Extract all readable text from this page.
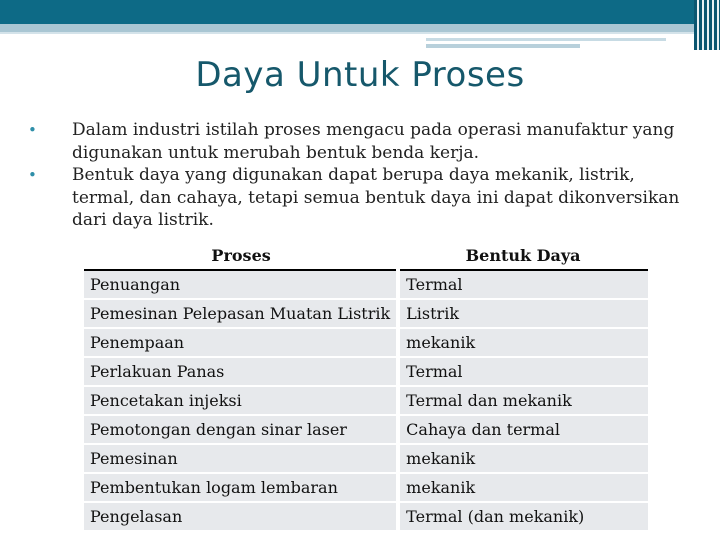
Daya Untuk Proses
• Dalam industri istilah proses mengacu pada operasi manufaktur yang digunakan untuk merubah bentuk benda kerja.
• Bentuk daya yang digunakan dapat berupa daya mekanik, listrik, termal, dan cahaya, tetapi semua bentuk daya ini dapat dikonversikan dari daya listrik.
Proses	Bentuk Daya
Penuangan	Termal
Pemesinan Pelepasan Muatan Listrik	Listrik
Penempaan	mekanik
Perlakuan Panas	Termal
Pencetakan injeksi	Termal dan mekanik
Pemotongan dengan sinar laser	Cahaya dan termal
Pemesinan	mekanik
Pembentukan logam lembaran	mekanik
Pengelasan	Termal (dan mekanik)
